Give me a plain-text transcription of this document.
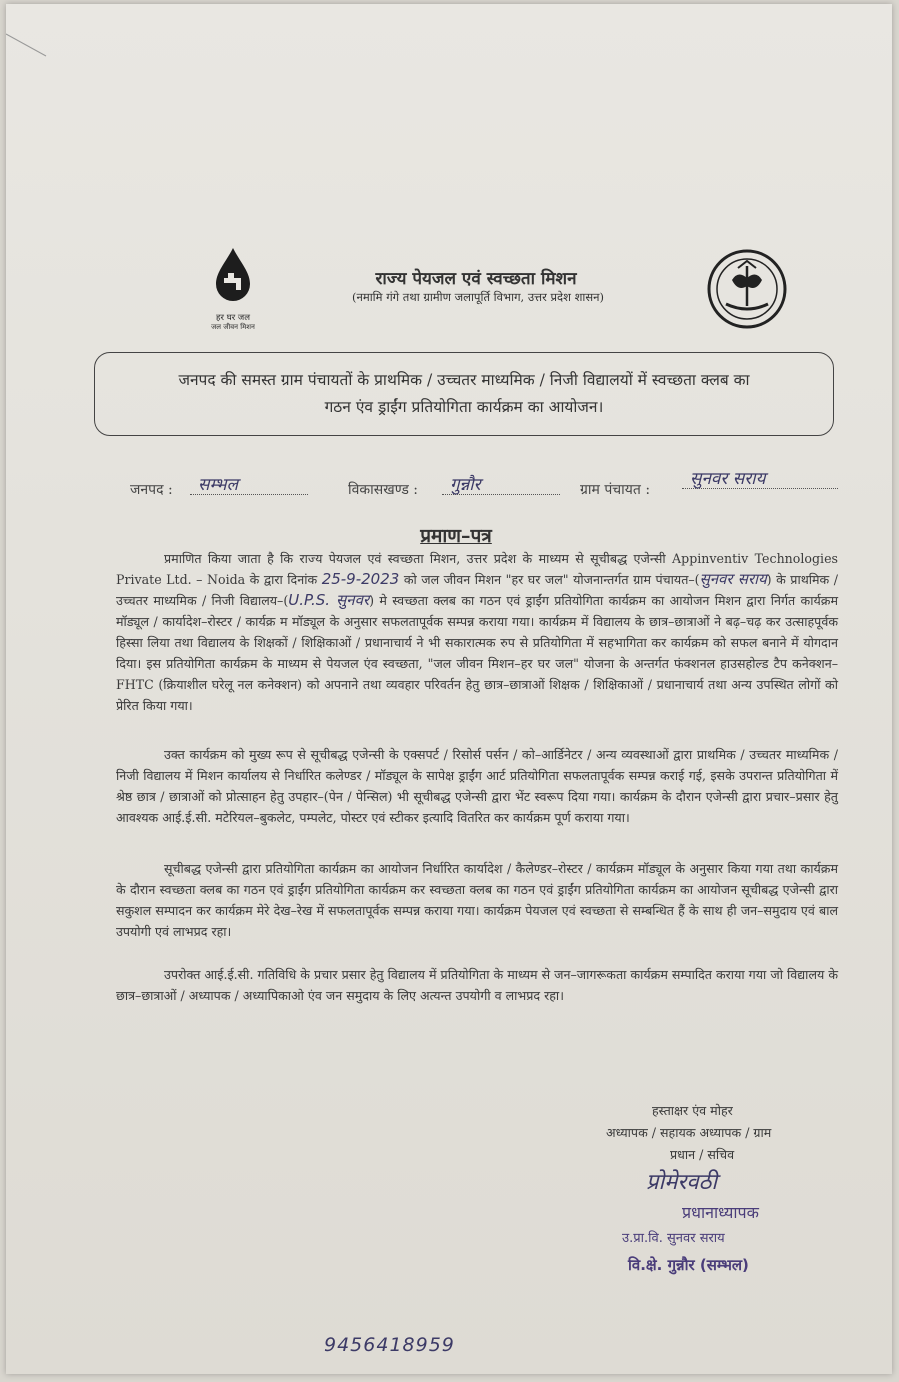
हर घर जल
जल जीवन मिशन
राज्य पेयजल एवं स्वच्छता मिशन
(नमामि गंगे तथा ग्रामीण जलापूर्ति विभाग, उत्तर प्रदेश शासन)
जनपद की समस्त ग्राम पंचायतों के प्राथमिक / उच्चतर माध्यमिक / निजी विद्यालयों में स्वच्छता क्लब का
गठन एंव ड्राईंग प्रतियोगिता कार्यक्रम का आयोजन।
जनपद :	सम्भल	विकासखण्ड :	गुन्नौर	ग्राम पंचायत :
सुनवर सराय
प्रमाण–पत्र
प्रमाणित किया जाता है कि राज्य पेयजल एवं स्वच्छता मिशन, उत्तर प्रदेश के माध्यम से सूचीबद्ध एजेन्सी Appinventiv Technologies Private Ltd. – Noida के द्वारा दिनांक 25-9-2023 को जल जीवन मिशन "हर घर जल" योजनान्तर्गत ग्राम पंचायत–(सुनवर सराय) के प्राथमिक / उच्चतर माध्यमिक / निजी विद्यालय–(U.P.S. सुनवर) मे स्वच्छता क्लब का गठन एवं ड्राईंग प्रतियोगिता कार्यक्रम का आयोजन मिशन द्वारा निर्गत कार्यक्रम मॉड्यूल / कार्यादेश–रोस्टर / कार्यक्र म मॉड्यूल के अनुसार सफलतापूर्वक सम्पन्न कराया गया। कार्यक्रम में विद्यालय के छात्र–छात्राओं ने बढ़–चढ़ कर उत्साहपूर्वक हिस्सा लिया तथा विद्यालय के शिक्षकों / शिक्षिकाओं / प्रधानाचार्य ने भी सकारात्मक रुप से प्रतियोगिता में सहभागिता कर कार्यक्रम को सफल बनाने में योगदान दिया। इस प्रतियोगिता कार्यक्रम के माध्यम से पेयजल एंव स्वच्छता, "जल जीवन मिशन–हर घर जल" योजना के अन्तर्गत फंक्शनल हाउसहोल्ड टैप कनेक्शन–FHTC (क्रियाशील घरेलू नल कनेक्शन) को अपनाने तथा व्यवहार परिवर्तन हेतु छात्र–छात्राओं शिक्षक / शिक्षिकाओं / प्रधानाचार्य तथा अन्य उपस्थित लोगों को प्रेरित किया गया।
उक्त कार्यक्रम को मुख्य रूप से सूचीबद्ध एजेन्सी के एक्सपर्ट / रिसोर्स पर्सन / को–आर्डिनेटर / अन्य व्यवस्थाओं द्वारा प्राथमिक / उच्चतर माध्यमिक / निजी विद्यालय में मिशन कार्यालय से निर्धारित कलेण्डर / मॉड्यूल के सापेक्ष ड्राईंग आर्ट प्रतियोगिता सफलतापूर्वक सम्पन्न कराई गई, इसके उपरान्त प्रतियोगिता में श्रेष्ठ छात्र / छात्राओं को प्रोत्साहन हेतु उपहार–(पेन / पेन्सिल) भी सूचीबद्ध एजेन्सी द्वारा भेंट स्वरूप दिया गया। कार्यक्रम के दौरान एजेन्सी द्वारा प्रचार–प्रसार हेतु आवश्यक आई.ई.सी. मटेरियल–बुकलेट, पम्पलेट, पोस्टर एवं स्टीकर इत्यादि वितरित कर कार्यक्रम पूर्ण कराया गया।
सूचीबद्ध एजेन्सी द्वारा प्रतियोगिता कार्यक्रम का आयोजन निर्धारित कार्यादेश / कैलेण्डर–रोस्टर / कार्यक्रम मॉड्यूल के अनुसार किया गया तथा कार्यक्रम के दौरान स्वच्छता क्लब का गठन एवं ड्राईंग प्रतियोगिता कार्यक्रम कर स्वच्छता क्लब का गठन एवं ड्राईंग प्रतियोगिता कार्यक्रम का आयोजन सूचीबद्ध एजेन्सी द्वारा सकुशल सम्पादन कर कार्यक्रम मेरे देख–रेख में सफलतापूर्वक सम्पन्न कराया गया। कार्यक्रम पेयजल एवं स्वच्छता से सम्बन्धित हैं के साथ ही जन–समुदाय एवं बाल उपयोगी एवं लाभप्रद रहा।
उपरोक्त आई.ई.सी. गतिविधि के प्रचार प्रसार हेतु विद्यालय में प्रतियोगिता के माध्यम से जन–जागरूकता कार्यक्रम सम्पादित कराया गया जो विद्यालय के छात्र–छात्राओं / अध्यापक / अध्यापिकाओ एंव जन समुदाय के लिए अत्यन्त उपयोगी व लाभप्रद रहा।
हस्ताक्षर एंव मोहर
अध्यापक / सहायक अध्यापक / ग्राम
प्रधान / सचिव
प्रोमेरवठी
प्रधानाध्यापक
उ.प्रा.वि. सुनवर सराय
वि.क्षे. गुन्नौर (सम्भल)
9456418959
